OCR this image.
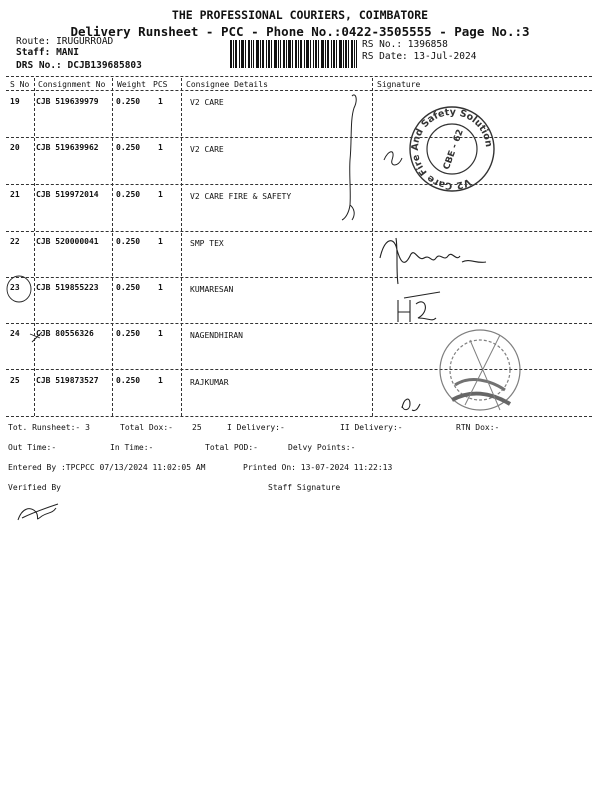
THE PROFESSIONAL COURIERS, COIMBATORE
Delivery Runsheet - PCC - Phone No.:0422-3505555 - Page No.:3
Route: IRUGURROAD
Staff: MANI
DRS No.: DCJB139685803
RS No.: 1396858
RS Date: 13-Jul-2024
S No Consignment No Weight PCS Consignee Details	Signature
19 CJB 519639979 0.250 1	V2 CARE
20 CJB 519639962 0.250 1	V2 CARE
21 CJB 519972014 0.250 1	V2 CARE FIRE & SAFETY
22 CJB 520000041 0.250 1	SMP TEX
23 CJB 519855223 0.250 1	KUMARESAN
24 CJB 80556326	0.250 1	NAGENDHIRAN
25 CJB 519873527 0.250 1	RAJKUMAR
V2 Care Fire And Safety Solution
CBE - 62
Tot. Runsheet:- 3	Total Dox:- 25	I Delivery:-	II Delivery:-	RTN Dox:-
Out Time:-	In Time:-	Total POD:-	Delvy Points:-
Entered By :TPCPCC 07/13/2024 11:02:05 AM	Printed On: 13-07-2024 11:22:13
Verified By	Staff Signature
